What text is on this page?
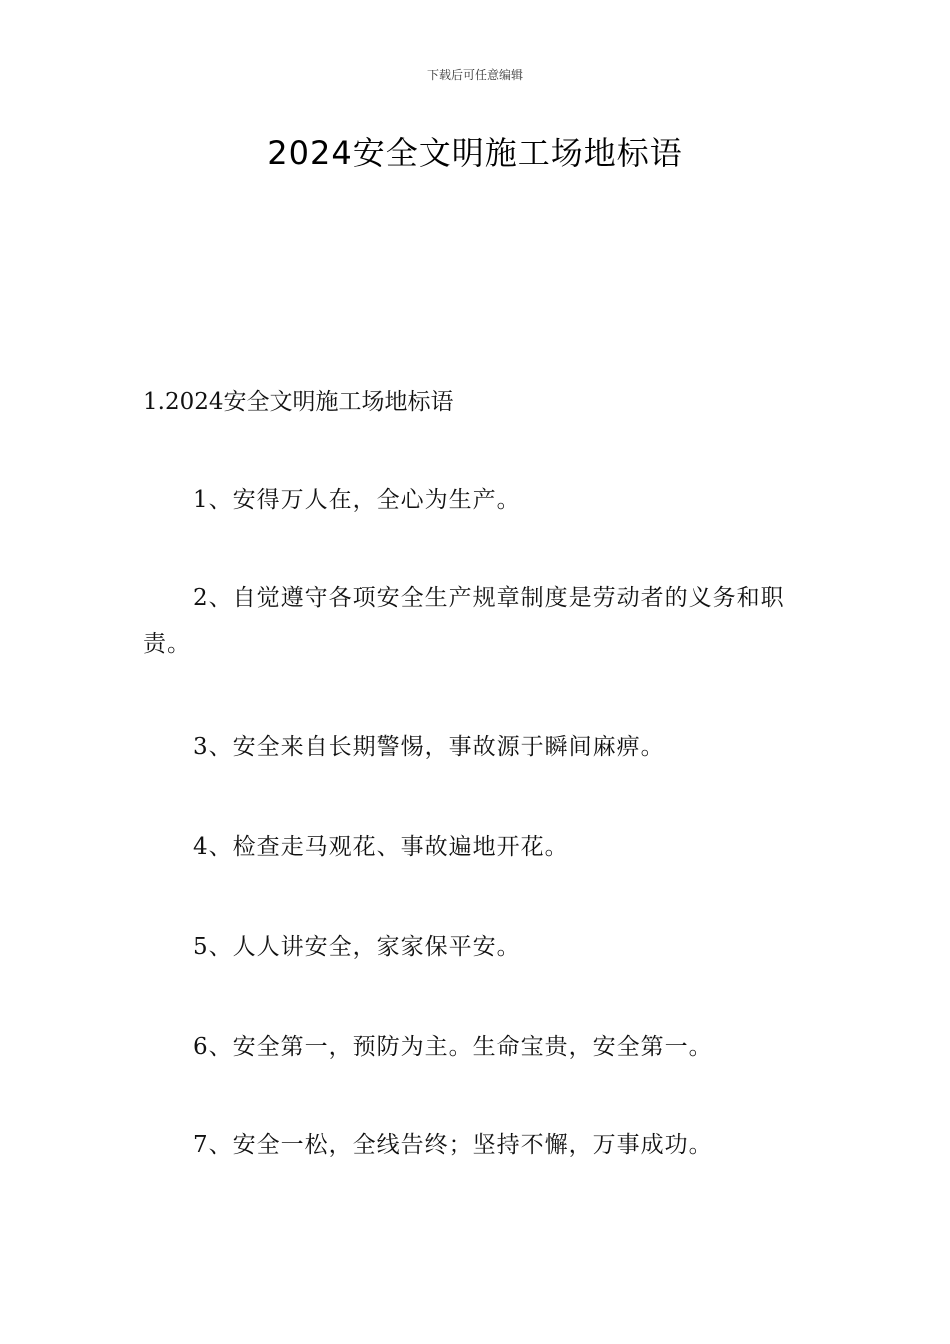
下载后可任意编辑
2024安全文明施工场地标语
1.2024安全文明施工场地标语
1、安得万人在，全心为生产。
2、自觉遵守各项安全生产规章制度是劳动者的义务和职责。
3、安全来自长期警惕，事故源于瞬间麻痹。
4、检查走马观花、事故遍地开花。
5、人人讲安全，家家保平安。
6、安全第一，预防为主。生命宝贵，安全第一。
7、安全一松，全线告终；坚持不懈，万事成功。
